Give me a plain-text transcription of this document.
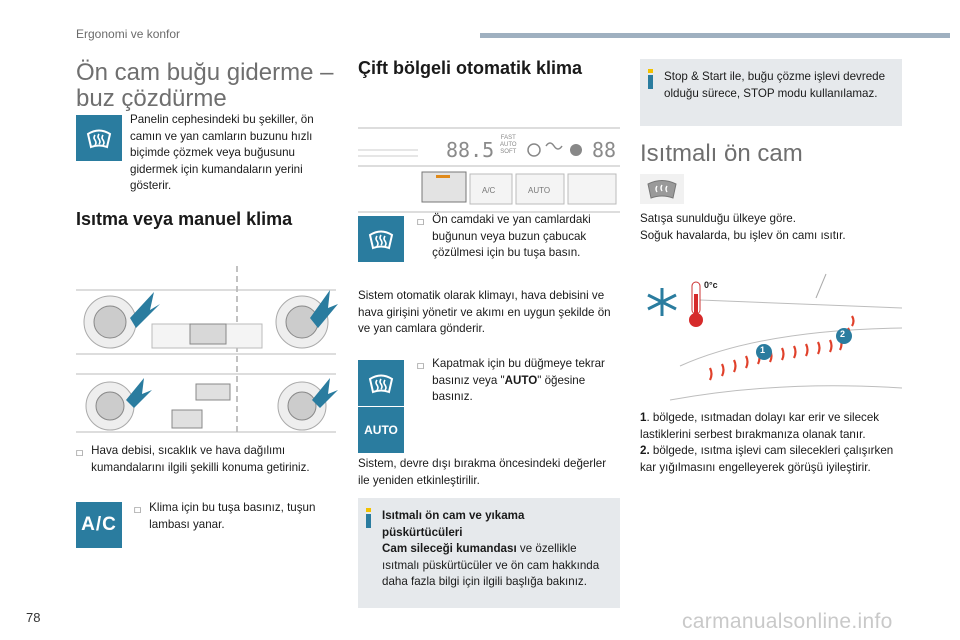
Ergonomi ve konfor
Ön cam buğu giderme –
buz çözdürme
Panelin cephesindeki bu şekiller, ön camın ve yan camların buzunu hızlı biçimde çözmek veya buğusunu gidermek için kumandaların yerini gösterir.
Isıtma veya manuel klima
☐ Hava debisi, sıcaklık ve hava dağılımı kumandalarını ilgili şekilli konuma getiriniz.
A/C
☐ Klima için bu tuşa basınız, tuşun lambası yanar.
Çift bölgeli otomatik klima
88.5 FAST
AUTO
SOFT	88
A/C	AUTO
☐ Ön camdaki ve yan camlardaki buğunun veya buzun çabucak çözülmesi için bu tuşa basın.
Sistem otomatik olarak klimayı, hava debisini ve hava girişini yönetir ve akımı en uygun şekilde ön ve yan camlara gönderir.
AUTO
☐ Kapatmak için bu düğmeye tekrar basınız veya "AUTO" öğesine basınız.
Sistem, devre dışı bırakma öncesindeki değerler ile yeniden etkinleştirilir.
Isıtmalı ön cam ve yıkama püskürtücüleri
Cam sileceği kumandası ve özellikle ısıtmalı püskürtücüler ve ön cam hakkında daha fazla bilgi için ilgili başlığa bakınız.
Stop & Start ile, buğu çözme işlevi devrede olduğu sürece, STOP modu kullanılamaz.
Isıtmalı ön cam
Satışa sunulduğu ülkeye göre.
Soğuk havalarda, bu işlev ön camı ısıtır.
1
2
0°c
1. bölgede, ısıtmadan dolayı kar erir ve silecek lastiklerini serbest bırakmanıza olanak tanır.
2. bölgede, ısıtma işlevi cam silecekleri çalışırken kar yığılmasını engelleyerek görüşü iyileştirir.
78	carmanualsonline.info
